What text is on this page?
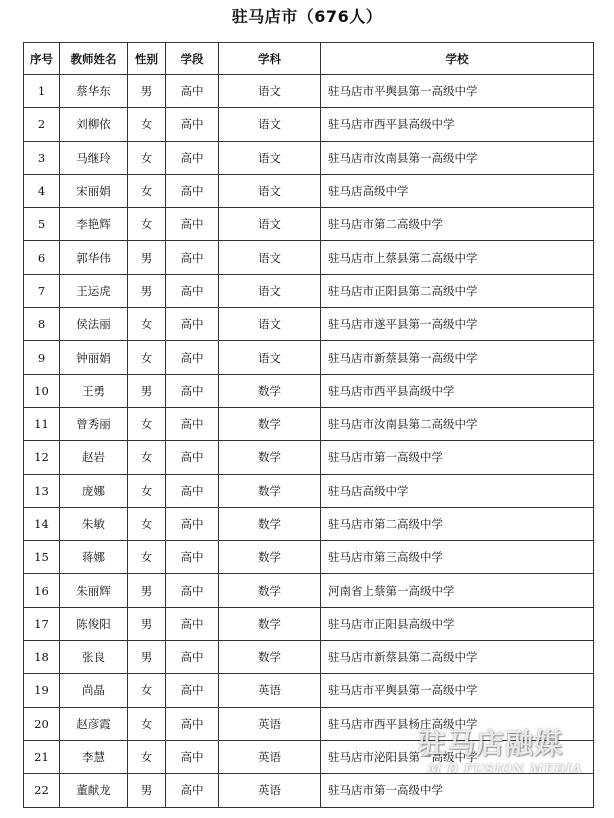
驻马店市（676人）
序号	教师姓名	性别	学段	学科	学校
1	蔡华东	男	高中	语文	驻马店市平舆县第一高级中学
2	刘柳依	女	高中	语文	驻马店市西平县高级中学
3	马继玲	女	高中	语文	驻马店市汝南县第一高级中学
4	宋丽娟	女	高中	语文	驻马店高级中学
5	李艳辉	女	高中	语文	驻马店市第二高级中学
6	郭华伟	男	高中	语文	驻马店市上蔡县第二高级中学
7	王运虎	男	高中	语文	驻马店市正阳县第二高级中学
8	侯法丽	女	高中	语文	驻马店市遂平县第一高级中学
9	钟丽娟	女	高中	语文	驻马店市新蔡县第一高级中学
10	王勇	男	高中	数学	驻马店市西平县高级中学
11	曾秀丽	女	高中	数学	驻马店市汝南县第二高级中学
12	赵岩	女	高中	数学	驻马店市第一高级中学
13	庞娜	女	高中	数学	驻马店高级中学
14	朱敏	女	高中	数学	驻马店市第二高级中学
15	蒋娜	女	高中	数学	驻马店市第三高级中学
16	朱丽辉	男	高中	数学	河南省上蔡第一高级中学
17	陈俊阳	男	高中	数学	驻马店市正阳县高级中学
18	张良	男	高中	数学	驻马店市新蔡县第二高级中学
19	尚晶	女	高中	英语	驻马店市平舆县第一高级中学
20	赵彦霞	女	高中	英语	驻马店市西平县杨庄高级中学
21	李慧	女	高中	英语	驻马店市泌阳县第一高级中学
22	董献龙	男	高中	英语	驻马店市第一高级中学
驻马店融媒
M D FUSION MEDIA
